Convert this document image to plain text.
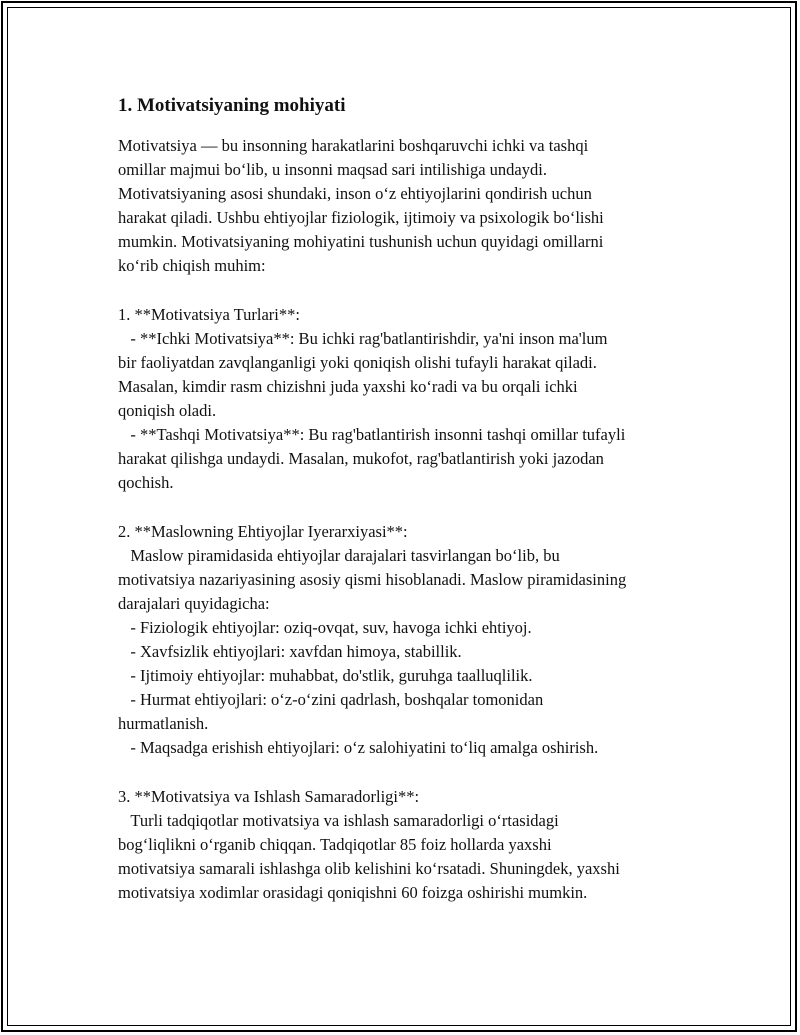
1. Motivatsiyaning mohiyati
Motivatsiya — bu insonning harakatlarini boshqaruvchi ichki va tashqi
omillar majmui bo‘lib, u insonni maqsad sari intilishiga undaydi.
Motivatsiyaning asosi shundaki, inson o‘z ehtiyojlarini qondirish uchun
harakat qiladi. Ushbu ehtiyojlar fiziologik, ijtimoiy va psixologik bo‘lishi
mumkin. Motivatsiyaning mohiyatini tushunish uchun quyidagi omillarni
ko‘rib chiqish muhim:

1. **Motivatsiya Turlari**:
- **Ichki Motivatsiya**: Bu ichki rag'batlantirishdir, ya'ni inson ma'lum
bir faoliyatdan zavqlanganligi yoki qoniqish olishi tufayli harakat qiladi.
Masalan, kimdir rasm chizishni juda yaxshi ko‘radi va bu orqali ichki
qoniqish oladi.
- **Tashqi Motivatsiya**: Bu rag'batlantirish insonni tashqi omillar tufayli
harakat qilishga undaydi. Masalan, mukofot, rag'batlantirish yoki jazodan
qochish.

2. **Maslowning Ehtiyojlar Iyerarxiyasi**:
Maslow piramidasida ehtiyojlar darajalari tasvirlangan bo‘lib, bu
motivatsiya nazariyasining asosiy qismi hisoblanadi. Maslow piramidasining
darajalari quyidagicha:
- Fiziologik ehtiyojlar: oziq-ovqat, suv, havoga ichki ehtiyoj.
- Xavfsizlik ehtiyojlari: xavfdan himoya, stabillik.
- Ijtimoiy ehtiyojlar: muhabbat, do'stlik, guruhga taalluqlilik.
- Hurmat ehtiyojlari: o‘z-o‘zini qadrlash, boshqalar tomonidan
hurmatlanish.
- Maqsadga erishish ehtiyojlari: o‘z salohiyatini to‘liq amalga oshirish.

3. **Motivatsiya va Ishlash Samaradorligi**:
Turli tadqiqotlar motivatsiya va ishlash samaradorligi o‘rtasidagi
bog‘liqlikni o‘rganib chiqqan. Tadqiqotlar 85 foiz hollarda yaxshi
motivatsiya samarali ishlashga olib kelishini ko‘rsatadi. Shuningdek, yaxshi
motivatsiya xodimlar orasidagi qoniqishni 60 foizga oshirishi mumkin.
